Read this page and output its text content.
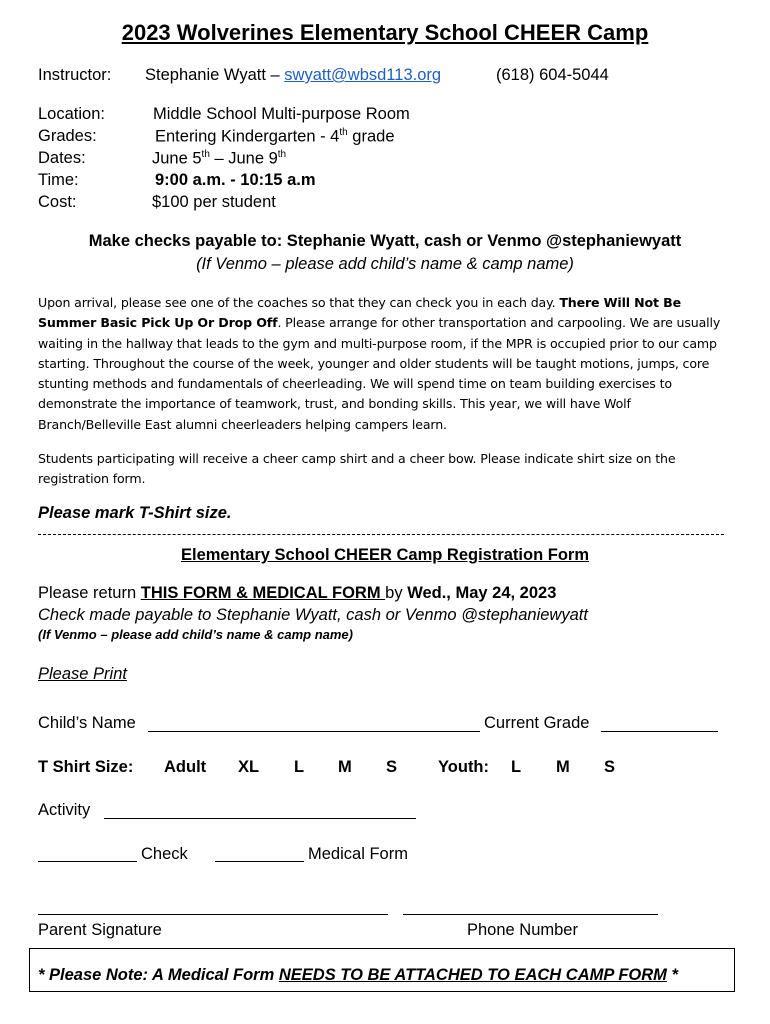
2023 Wolverines Elementary School CHEER Camp
Instructor: Stephanie Wyatt – swyatt@wbsd113.org	(618) 604-5044
Location:	Middle School Multi-purpose Room
Grades:	Entering Kindergarten - 4th grade
Dates:	June 5th – June 9th
Time:	9:00 a.m. - 10:15 a.m
Cost:	$100 per student
Make checks payable to: Stephanie Wyatt, cash or Venmo @stephaniewyatt
(If Venmo – please add child’s name & camp name)
Upon arrival, please see one of the coaches so that they can check you in each day. There Will Not Be Summer Basic Pick Up Or Drop Off. Please arrange for other transportation and carpooling. We are usually waiting in the hallway that leads to the gym and multi-purpose room, if the MPR is occupied prior to our camp starting. Throughout the course of the week, younger and older students will be taught motions, jumps, core stunting methods and fundamentals of cheerleading. We will spend time on team building exercises to demonstrate the importance of teamwork, trust, and bonding skills. This year, we will have Wolf Branch/Belleville East alumni cheerleaders helping campers learn.
Students participating will receive a cheer camp shirt and a cheer bow. Please indicate shirt size on the registration form.
Please mark T-Shirt size.
Elementary School CHEER Camp Registration Form
Please return THIS FORM & MEDICAL FORM by Wed., May 24, 2023
Check made payable to Stephanie Wyatt, cash or Venmo @stephaniewyatt
(If Venmo – please add child’s name & camp name)
Please Print
Child’s Name	Current Grade
T Shirt Size: Adult XL L M S Youth: L M S
Activity
Check	Medical Form
Parent Signature	Phone Number
* Please Note: A Medical Form NEEDS TO BE ATTACHED TO EACH CAMP FORM *
